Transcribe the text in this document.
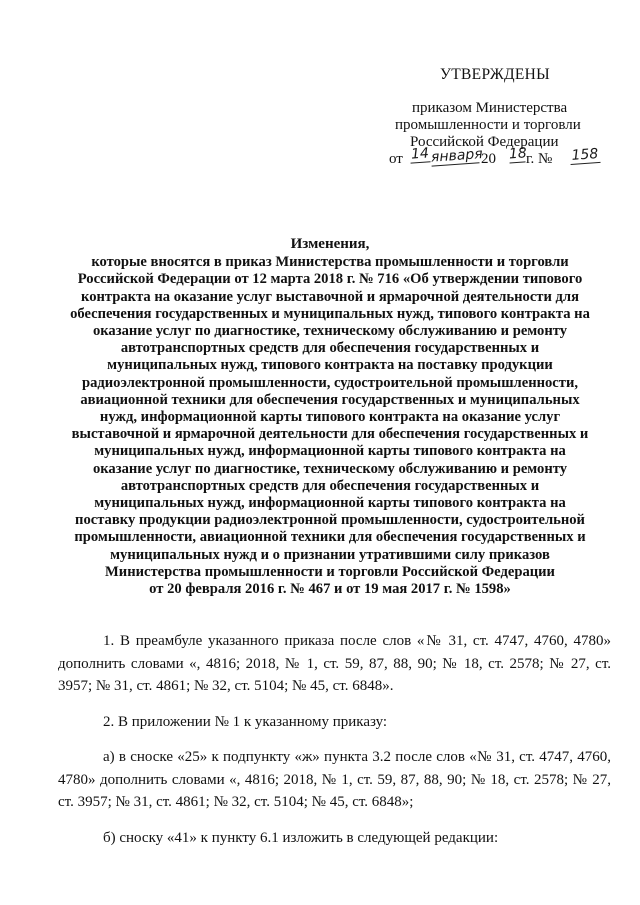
УТВЕРЖДЕНЫ
приказом Министерства
промышленности и торговли
Российской Федерации
от 14 января
20 18
г. № 158
Изменения,
которые вносятся в приказ Министерства промышленности и торговли
Российской Федерации от 12 марта 2018 г. № 716 «Об утверждении типового
контракта на оказание услуг выставочной и ярмарочной деятельности для
обеспечения государственных и муниципальных нужд, типового контракта на
оказание услуг по диагностике, техническому обслуживанию и ремонту
автотранспортных средств для обеспечения государственных и
муниципальных нужд, типового контракта на поставку продукции
радиоэлектронной промышленности, судостроительной промышленности,
авиационной техники для обеспечения государственных и муниципальных
нужд, информационной карты типового контракта на оказание услуг
выставочной и ярмарочной деятельности для обеспечения государственных и
муниципальных нужд, информационной карты типового контракта на
оказание услуг по диагностике, техническому обслуживанию и ремонту
автотранспортных средств для обеспечения государственных и
муниципальных нужд, информационной карты типового контракта на
поставку продукции радиоэлектронной промышленности, судостроительной
промышленности, авиационной техники для обеспечения государственных и
муниципальных нужд и о признании утратившими силу приказов
Министерства промышленности и торговли Российской Федерации
от 20 февраля 2016 г. № 467 и от 19 мая 2017 г. № 1598»

1. В преамбуле указанного приказа после слов «№ 31, ст. 4747, 4760, 4780» дополнить словами «, 4816; 2018, № 1, ст. 59, 87, 88, 90; № 18, ст. 2578; № 27, ст. 3957; № 31, ст. 4861; № 32, ст. 5104; № 45, ст. 6848».

2. В приложении № 1 к указанному приказу:

а) в сноске «25» к подпункту «ж» пункта 3.2 после слов «№ 31, ст. 4747, 4760, 4780» дополнить словами «, 4816; 2018, № 1, ст. 59, 87, 88, 90; № 18, ст. 2578; № 27, ст. 3957; № 31, ст. 4861; № 32, ст. 5104; № 45, ст. 6848»;

б) сноску «41» к пункту 6.1 изложить в следующей редакции:
